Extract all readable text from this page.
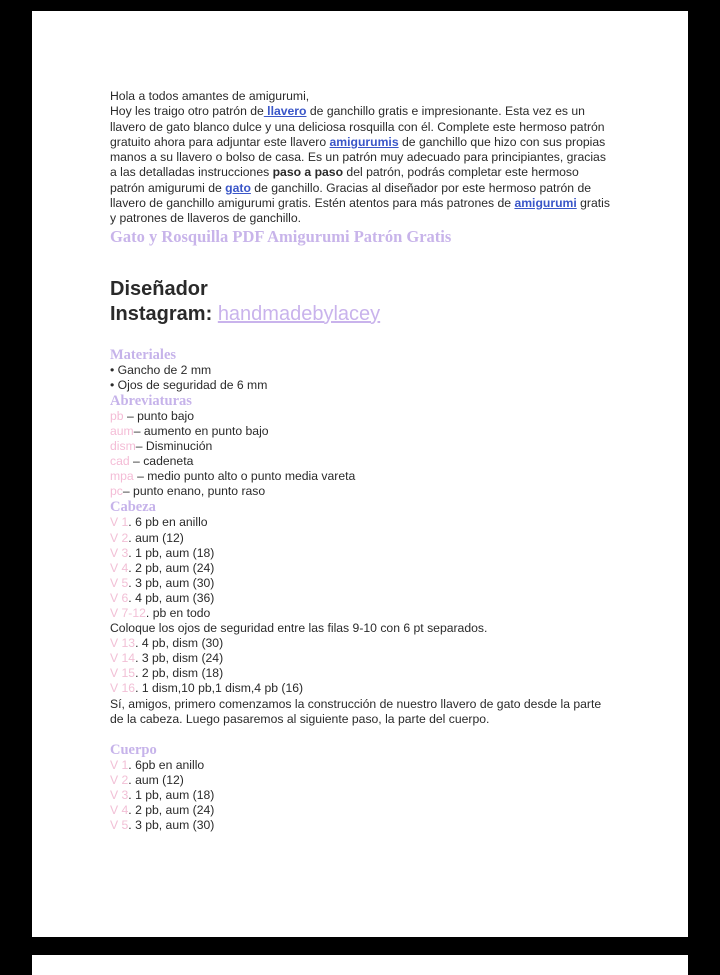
Hola a todos amantes de amigurumi,

Hoy les traigo otro patrón de llavero de ganchillo gratis e impresionante. Esta vez es un llavero de gato blanco dulce y una deliciosa rosquilla con él. Complete este hermoso patrón gratuito ahora para adjuntar este llavero amigurumis de ganchillo que hizo con sus propias manos a su llavero o bolso de casa. Es un patrón muy adecuado para principiantes, gracias a las detalladas instrucciones paso a paso del patrón, podrás completar este hermoso patrón amigurumi de gato de ganchillo. Gracias al diseñador por este hermoso patrón de llavero de ganchillo amigurumi gratis. Estén atentos para más patrones de amigurumi gratis y patrones de llaveros de ganchillo.

Gato y Rosquilla PDF Amigurumi Patrón Gratis
Diseñador
Instagram: handmadebylacey
Materiales

• Gancho de 2 mm

• Ojos de seguridad de 6 mm

Abreviaturas

pb – punto bajo

aum– aumento en punto bajo

dism– Disminución

cad – cadeneta

mpa – medio punto alto o punto media vareta

pc– punto enano, punto raso

Cabeza

V 1. 6 pb en anillo

V 2. aum (12)

V 3. 1 pb, aum (18)

V 4. 2 pb, aum (24)

V 5. 3 pb, aum (30)

V 6. 4 pb, aum (36)

V 7-12. pb en todo

Coloque los ojos de seguridad entre las filas 9-10 con 6 pt separados.

V 13. 4 pb, dism (30)

V 14. 3 pb, dism (24)

V 15. 2 pb, dism (18)

V 16. 1 dism,10 pb,1 dism,4 pb (16)

Sí, amigos, primero comenzamos la construcción de nuestro llavero de gato desde la parte de la cabeza. Luego pasaremos al siguiente paso, la parte del cuerpo.

Cuerpo

V 1. 6pb en anillo

V 2. aum (12)

V 3. 1 pb, aum (18)

V 4. 2 pb, aum (24)

V 5. 3 pb, aum (30)
